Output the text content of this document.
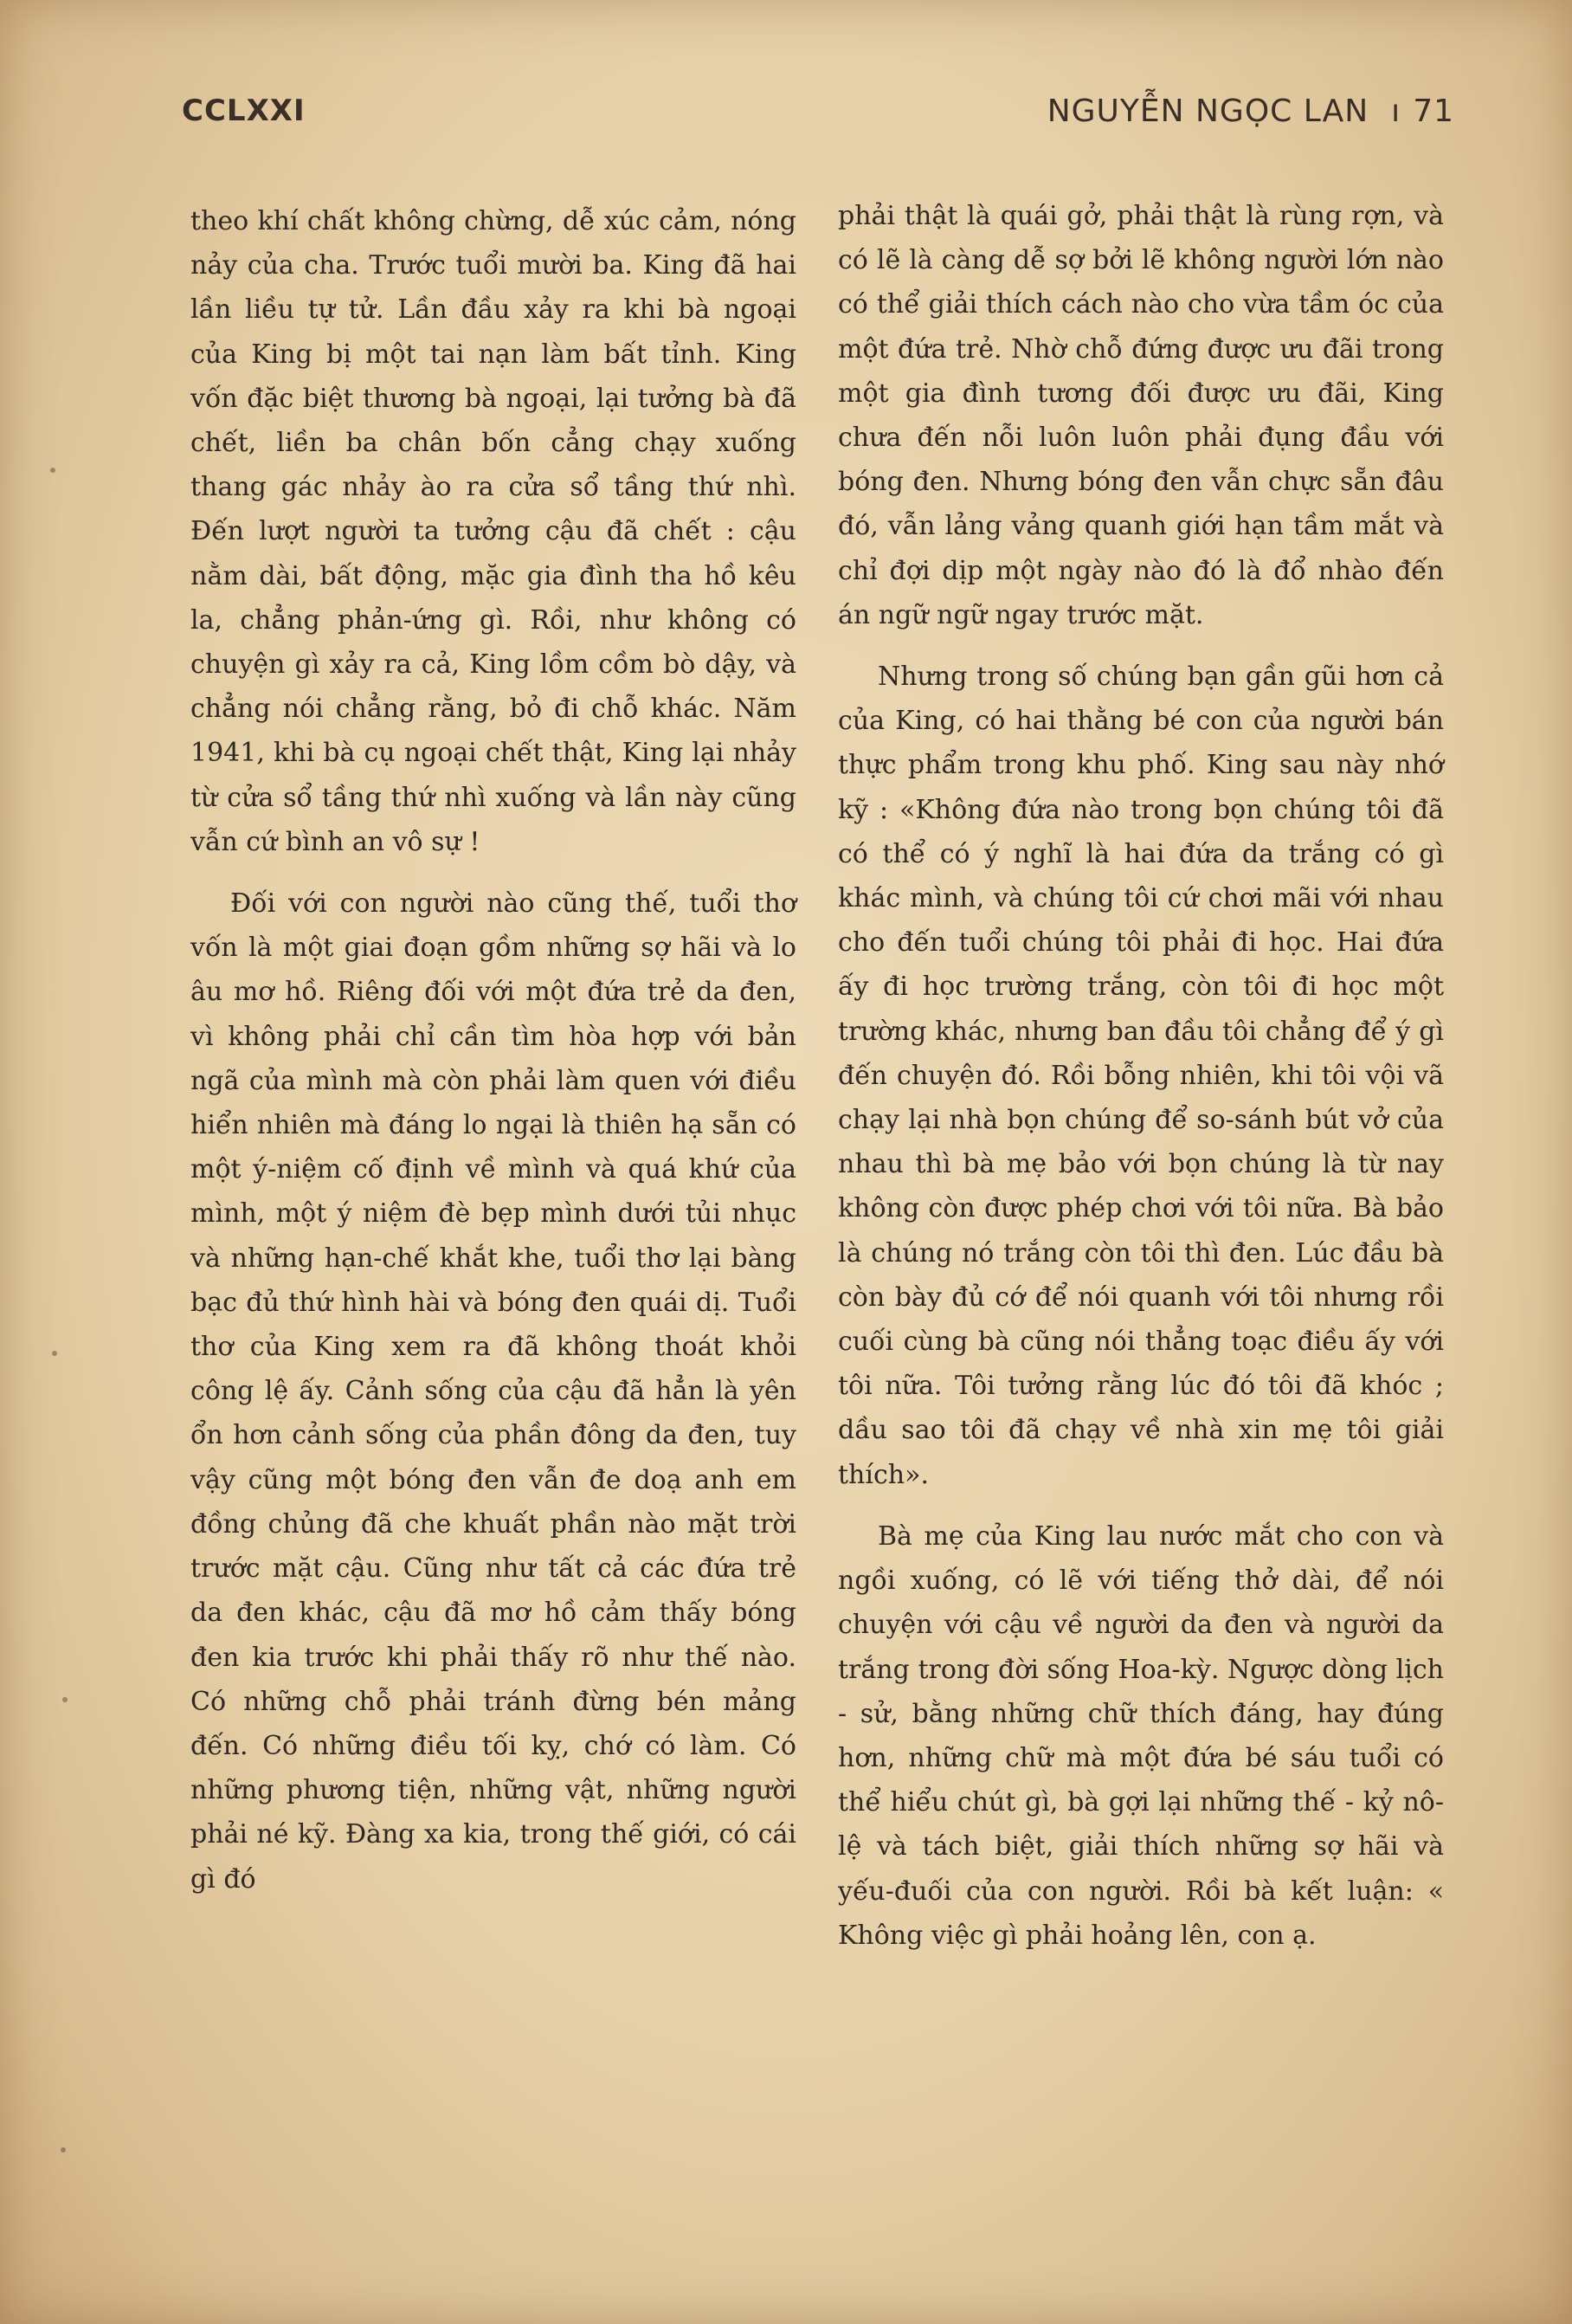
CCLXXI	NGUYỄN NGỌC LAN ı 71

theo khí chất không chừng, dễ xúc cảm, nóng nảy của cha. Trước tuổi mười ba. King đã hai lần liều tự tử. Lần đầu xảy ra khi bà ngoại của King bị một tai nạn làm bất tỉnh. King vốn đặc biệt thương bà ngoại, lại tưởng bà đã chết, liền ba chân bốn cẳng chạy xuống thang gác nhảy ào ra cửa sổ tầng thứ nhì. Đến lượt người ta tưởng cậu đã chết : cậu nằm dài, bất động, mặc gia đình tha hồ kêu la, chẳng phản-ứng gì. Rồi, như không có chuyện gì xảy ra cả, King lồm cồm bò dậy, và chẳng nói chẳng rằng, bỏ đi chỗ khác. Năm 1941, khi bà cụ ngoại chết thật, King lại nhảy từ cửa sổ tầng thứ nhì xuống và lần này cũng vẫn cứ bình an vô sự !

Đối với con người nào cũng thế, tuổi thơ vốn là một giai đoạn gồm những sợ hãi và lo âu mơ hồ. Riêng đối với một đứa trẻ da đen, vì không phải chỉ cần tìm hòa hợp với bản ngã của mình mà còn phải làm quen với điều hiển nhiên mà đáng lo ngại là thiên hạ sẵn có một ý-niệm cố định về mình và quá khứ của mình, một ý niệm đè bẹp mình dưới tủi nhục và những hạn-chế khắt khe, tuổi thơ lại bàng bạc đủ thứ hình hài và bóng đen quái dị. Tuổi thơ của King xem ra đã không thoát khỏi công lệ ấy. Cảnh sống của cậu đã hẳn là yên ổn hơn cảnh sống của phần đông da đen, tuy vậy cũng một bóng đen vẫn đe doạ anh em đồng chủng đã che khuất phần nào mặt trời trước mặt cậu. Cũng như tất cả các đứa trẻ da đen khác, cậu đã mơ hồ cảm thấy bóng đen kia trước khi phải thấy rõ như thế nào. Có những chỗ phải tránh đừng bén mảng đến. Có những điều tối kỵ, chớ có làm. Có những phương tiện, những vật, những người phải né kỹ. Đàng xa kia, trong thế giới, có cái gì đó

phải thật là quái gở, phải thật là rùng rợn, và có lẽ là càng dễ sợ bởi lẽ không người lớn nào có thể giải thích cách nào cho vừa tầm óc của một đứa trẻ. Nhờ chỗ đứng được ưu đãi trong một gia đình tương đối được ưu đãi, King chưa đến nỗi luôn luôn phải đụng đầu với bóng đen. Nhưng bóng đen vẫn chực sẵn đâu đó, vẫn lảng vảng quanh giới hạn tầm mắt và chỉ đợi dịp một ngày nào đó là đổ nhào đến án ngữ ngữ ngay trước mặt.

Nhưng trong số chúng bạn gần gũi hơn cả của King, có hai thằng bé con của người bán thực phẩm trong khu phố. King sau này nhớ kỹ : «Không đứa nào trong bọn chúng tôi đã có thể có ý nghĩ là hai đứa da trắng có gì khác mình, và chúng tôi cứ chơi mãi với nhau cho đến tuổi chúng tôi phải đi học. Hai đứa ấy đi học trường trắng, còn tôi đi học một trường khác, nhưng ban đầu tôi chẳng để ý gì đến chuyện đó. Rồi bỗng nhiên, khi tôi vội vã chạy lại nhà bọn chúng để so-sánh bút vở của nhau thì bà mẹ bảo với bọn chúng là từ nay không còn được phép chơi với tôi nữa. Bà bảo là chúng nó trắng còn tôi thì đen. Lúc đầu bà còn bày đủ cớ để nói quanh với tôi nhưng rồi cuối cùng bà cũng nói thẳng toạc điều ấy với tôi nữa. Tôi tưởng rằng lúc đó tôi đã khóc ; dầu sao tôi đã chạy về nhà xin mẹ tôi giải thích».

Bà mẹ của King lau nước mắt cho con và ngồi xuống, có lẽ với tiếng thở dài, để nói chuyện với cậu về người da đen và người da trắng trong đời sống Hoa-kỳ. Ngược dòng lịch - sử, bằng những chữ thích đáng, hay đúng hơn, những chữ mà một đứa bé sáu tuổi có thể hiểu chút gì, bà gợi lại những thế - kỷ nô-lệ và tách biệt, giải thích những sợ hãi và yếu-đuối của con người. Rồi bà kết luận: « Không việc gì phải hoảng lên, con ạ.
